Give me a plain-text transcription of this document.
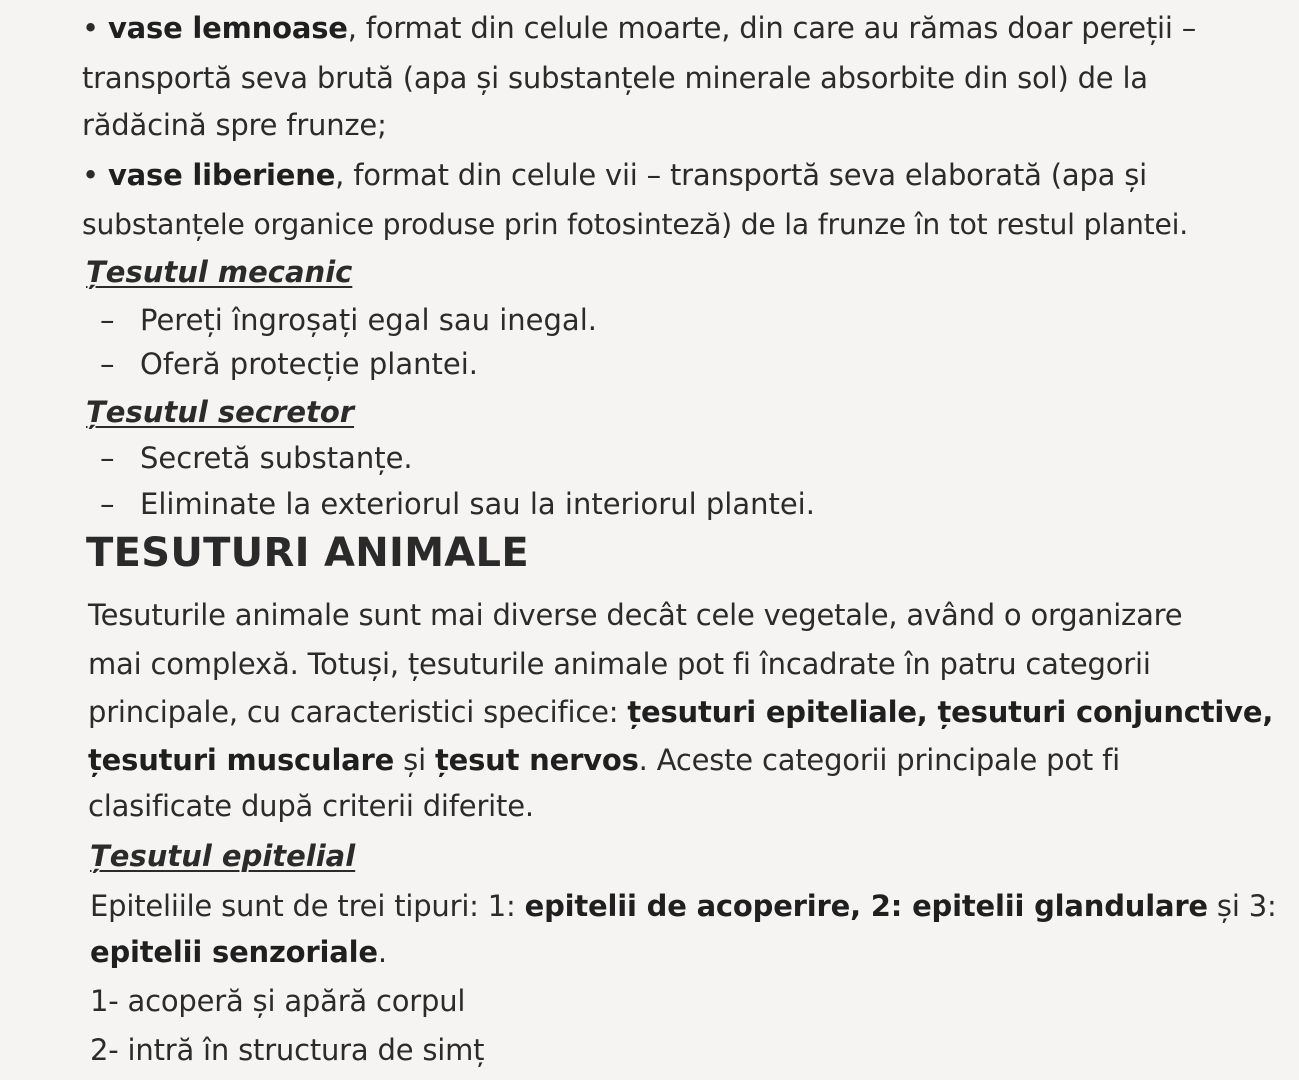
• vase lemnoase, format din celule moarte, din care au rămas doar pereții –
transportă seva brută (apa și substanțele minerale absorbite din sol) de la
rădăcină spre frunze;
• vase liberiene, format din celule vii – transportă seva elaborată (apa și
substanțele organice produse prin fotosinteză) de la frunze în tot restul plantei.
Țesutul mecanic
– Pereți îngroșați egal sau inegal.
– Oferă protecție plantei.
Țesutul secretor
– Secretă substanțe.
– Eliminate la exteriorul sau la interiorul plantei.
TESUTURI ANIMALE
Tesuturile animale sunt mai diverse decât cele vegetale, având o organizare
mai complexă. Totuși, țesuturile animale pot fi încadrate în patru categorii
principale, cu caracteristici specifice: țesuturi epiteliale, țesuturi conjunctive,
țesuturi musculare și țesut nervos. Aceste categorii principale pot fi
clasificate după criterii diferite.
Țesutul epitelial
Epiteliile sunt de trei tipuri: 1: epitelii de acoperire, 2: epitelii glandulare și 3:
epitelii senzoriale.
1- acoperă și apără corpul
2- intră în structura de simț
